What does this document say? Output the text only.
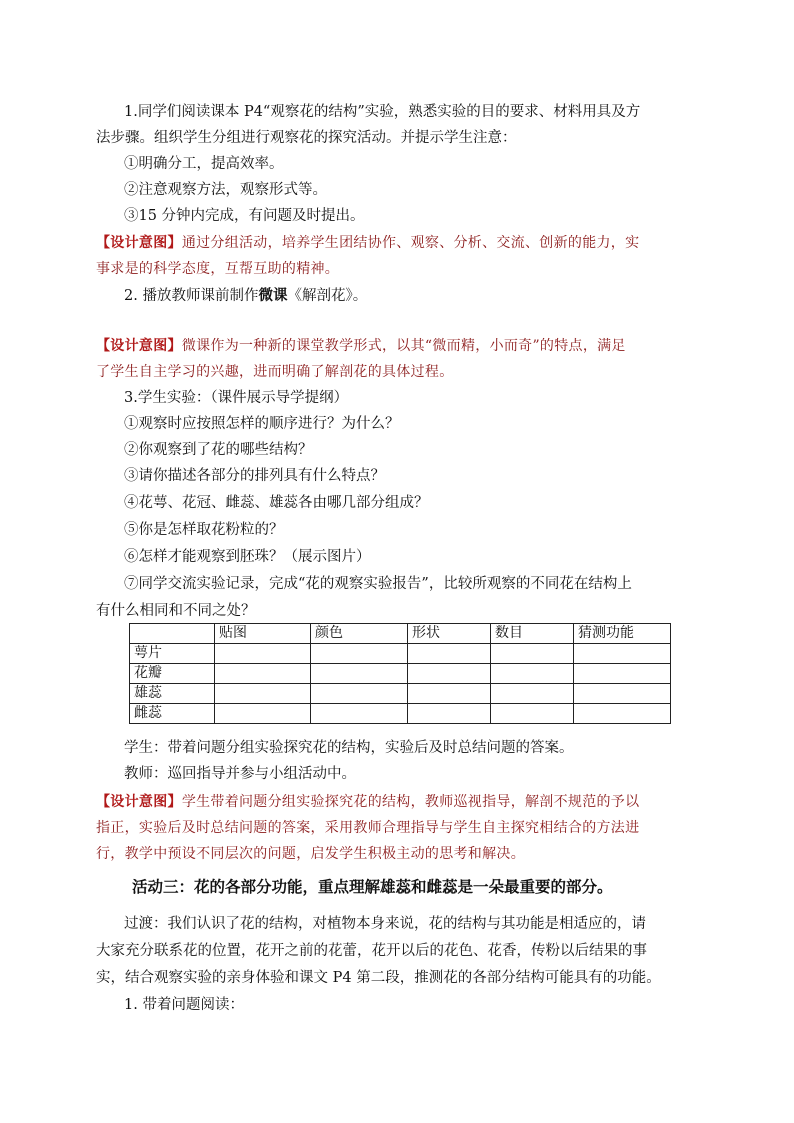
1.同学们阅读课本 P4“观察花的结构”实验，熟悉实验的目的要求、材料用具及方
法步骤。组织学生分组进行观察花的探究活动。并提示学生注意：
①明确分工，提高效率。
②注意观察方法，观察形式等。
③15 分钟内完成，有问题及时提出。
【设计意图】通过分组活动，培养学生团结协作、观察、分析、交流、创新的能力，实
事求是的科学态度，互帮互助的精神。
2. 播放教师课前制作微课《解剖花》。
【设计意图】微课作为一种新的课堂教学形式，以其“微而精，小而奇”的特点，满足
了学生自主学习的兴趣，进而明确了解剖花的具体过程。
3.学生实验：（课件展示导学提纲）
①观察时应按照怎样的顺序进行？为什么？
②你观察到了花的哪些结构？
③请你描述各部分的排列具有什么特点？
④花萼、花冠、雌蕊、雄蕊各由哪几部分组成？
⑤你是怎样取花粉粒的？
⑥怎样才能观察到胚珠？（展示图片）
⑦同学交流实验记录，完成“花的观察实验报告”，比较所观察的不同花在结构上
有什么相同和不同之处？
	贴图	颜色	形状	数目	猜测功能
萼片					
花瓣					
雄蕊					
雌蕊					
学生：带着问题分组实验探究花的结构，实验后及时总结问题的答案。
教师：巡回指导并参与小组活动中。
【设计意图】学生带着问题分组实验探究花的结构，教师巡视指导，解剖不规范的予以
指正，实验后及时总结问题的答案，采用教师合理指导与学生自主探究相结合的方法进
行，教学中预设不同层次的问题，启发学生积极主动的思考和解决。
活动三：花的各部分功能，重点理解雄蕊和雌蕊是一朵最重要的部分。
过渡：我们认识了花的结构，对植物本身来说，花的结构与其功能是相适应的，请
大家充分联系花的位置，花开之前的花蕾，花开以后的花色、花香，传粉以后结果的事
实，结合观察实验的亲身体验和课文 P4 第二段，推测花的各部分结构可能具有的功能。
1. 带着问题阅读：
